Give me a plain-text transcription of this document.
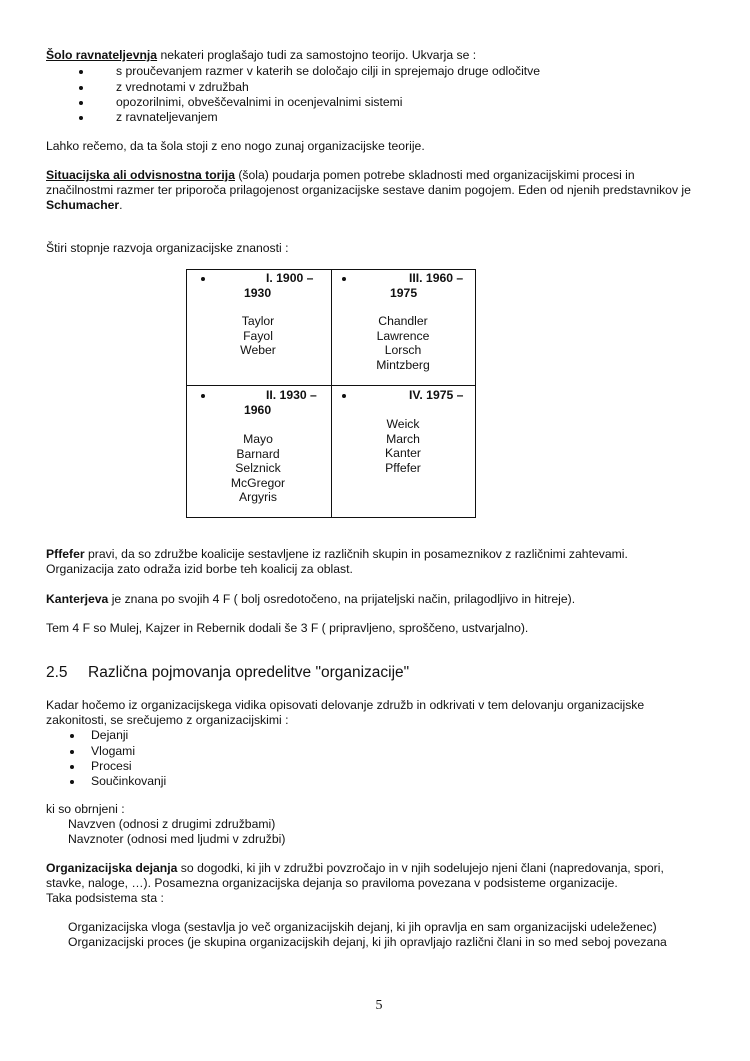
Šolo ravnateljevnja nekateri proglašajo tudi za samostojno teorijo. Ukvarja se :
s proučevanjem razmer v katerih se določajo cilji in sprejemajo druge odločitve
z vrednotami v združbah
opozorilnimi, obveščevalnimi in ocenjevalnimi sistemi
z ravnateljevanjem
Lahko rečemo, da ta šola stoji z eno nogo zunaj organizacijske teorije.
Situacijska ali odvisnostna torija (šola) poudarja pomen potrebe skladnosti med organizacijskimi procesi in
značilnostmi razmer ter priporoča prilagojenost organizacijske sestave danim pogojem. Eden od njenih predstavnikov je
Schumacher.
Štiri stopnje razvoja organizacijske znanosti :
I. 1900 –
1930
Taylor
Fayol
Weber
III. 1960 –
1975
Chandler
Lawrence
Lorsch
Mintzberg
II. 1930 –
1960
Mayo
Barnard
Selznick
McGregor
Argyris
IV. 1975 –
Weick
March
Kanter
Pffefer
Pffefer pravi, da so združbe koalicije sestavljene iz različnih skupin in posameznikov z različnimi zahtevami.
Organizacija zato odraža izid borbe teh koalicij za oblast.
Kanterjeva je znana po svojih 4 F ( bolj osredotočeno, na prijateljski način, prilagodljivo in hitreje).
Tem 4 F so Mulej, Kajzer in Rebernik dodali še 3 F ( pripravljeno, sproščeno, ustvarjalno).
2.5 Različna pojmovanja opredelitve "organizacije"
Kadar hočemo iz organizacijskega vidika opisovati delovanje združb in odkrivati v tem delovanju organizacijske
zakonitosti, se srečujemo z organizacijskimi :
Dejanji
Vlogami
Procesi
Součinkovanji
ki so obrnjeni :
Navzven (odnosi z drugimi združbami)
Navznoter (odnosi med ljudmi v združbi)
Organizacijska dejanja so dogodki, ki jih v združbi povzročajo in v njih sodelujejo njeni člani (napredovanja, spori,
stavke, naloge, …). Posamezna organizacijska dejanja so praviloma povezana v podsisteme organizacije.
Taka podsistema sta :
Organizacijska vloga (sestavlja jo več organizacijskih dejanj, ki jih opravlja en sam organizacijski udeleženec)
Organizacijski proces (je skupina organizacijskih dejanj, ki jih opravljajo različni člani in so med seboj povezana
5
